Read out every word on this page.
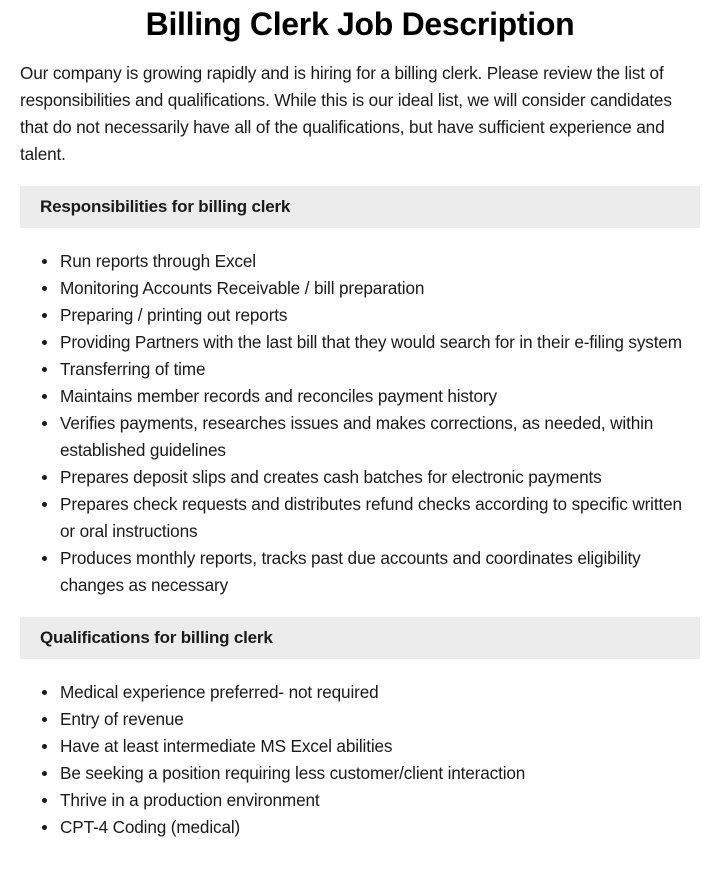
Billing Clerk Job Description

Our company is growing rapidly and is hiring for a billing clerk. Please review the list of responsibilities and qualifications. While this is our ideal list, we will consider candidates that do not necessarily have all of the qualifications, but have sufficient experience and talent.

Responsibilities for billing clerk
Run reports through Excel
Monitoring Accounts Receivable / bill preparation
Preparing / printing out reports
Providing Partners with the last bill that they would search for in their e-filing system
Transferring of time
Maintains member records and reconciles payment history
Verifies payments, researches issues and makes corrections, as needed, within established guidelines
Prepares deposit slips and creates cash batches for electronic payments
Prepares check requests and distributes refund checks according to specific written or oral instructions
Produces monthly reports, tracks past due accounts and coordinates eligibility changes as necessary
Qualifications for billing clerk
Medical experience preferred- not required
Entry of revenue
Have at least intermediate MS Excel abilities
Be seeking a position requiring less customer/client interaction
Thrive in a production environment
CPT-4 Coding (medical)
